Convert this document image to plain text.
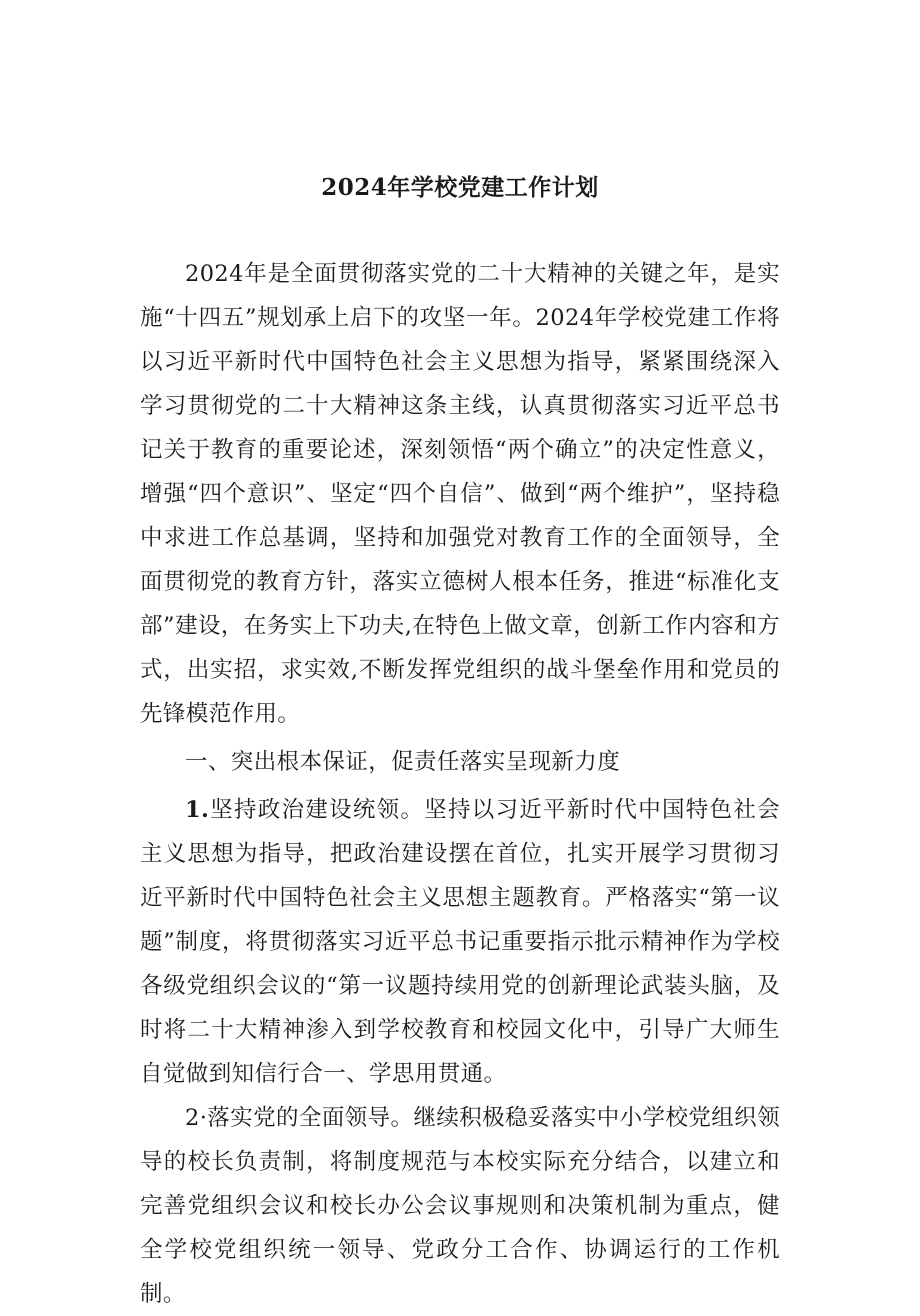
2024年学校党建工作计划

2024年是全面贯彻落实党的二十大精神的关键之年，是实施“十四五”规划承上启下的攻坚一年。2024年学校党建工作将以习近平新时代中国特色社会主义思想为指导，紧紧围绕深入学习贯彻党的二十大精神这条主线，认真贯彻落实习近平总书记关于教育的重要论述，深刻领悟“两个确立”的决定性意义，增强“四个意识”、坚定“四个自信”、做到“两个维护”，坚持稳中求进工作总基调，坚持和加强党对教育工作的全面领导，全面贯彻党的教育方针，落实立德树人根本任务，推进“标准化支部”建设，在务实上下功夫,在特色上做文章，创新工作内容和方式，出实招，求实效,不断发挥党组织的战斗堡垒作用和党员的先锋模范作用。

一、突出根本保证，促责任落实呈现新力度

1.坚持政治建设统领。坚持以习近平新时代中国特色社会主义思想为指导，把政治建设摆在首位，扎实开展学习贯彻习近平新时代中国特色社会主义思想主题教育。严格落实“第一议题”制度，将贯彻落实习近平总书记重要指示批示精神作为学校各级党组织会议的“第一议题持续用党的创新理论武装头脑，及时将二十大精神渗入到学校教育和校园文化中，引导广大师生自觉做到知信行合一、学思用贯通。

2·落实党的全面领导。继续积极稳妥落实中小学校党组织领导的校长负责制，将制度规范与本校实际充分结合，以建立和完善党组织会议和校长办公会议事规则和决策机制为重点，健全学校党组织统一领导、党政分工合作、协调运行的工作机制。
